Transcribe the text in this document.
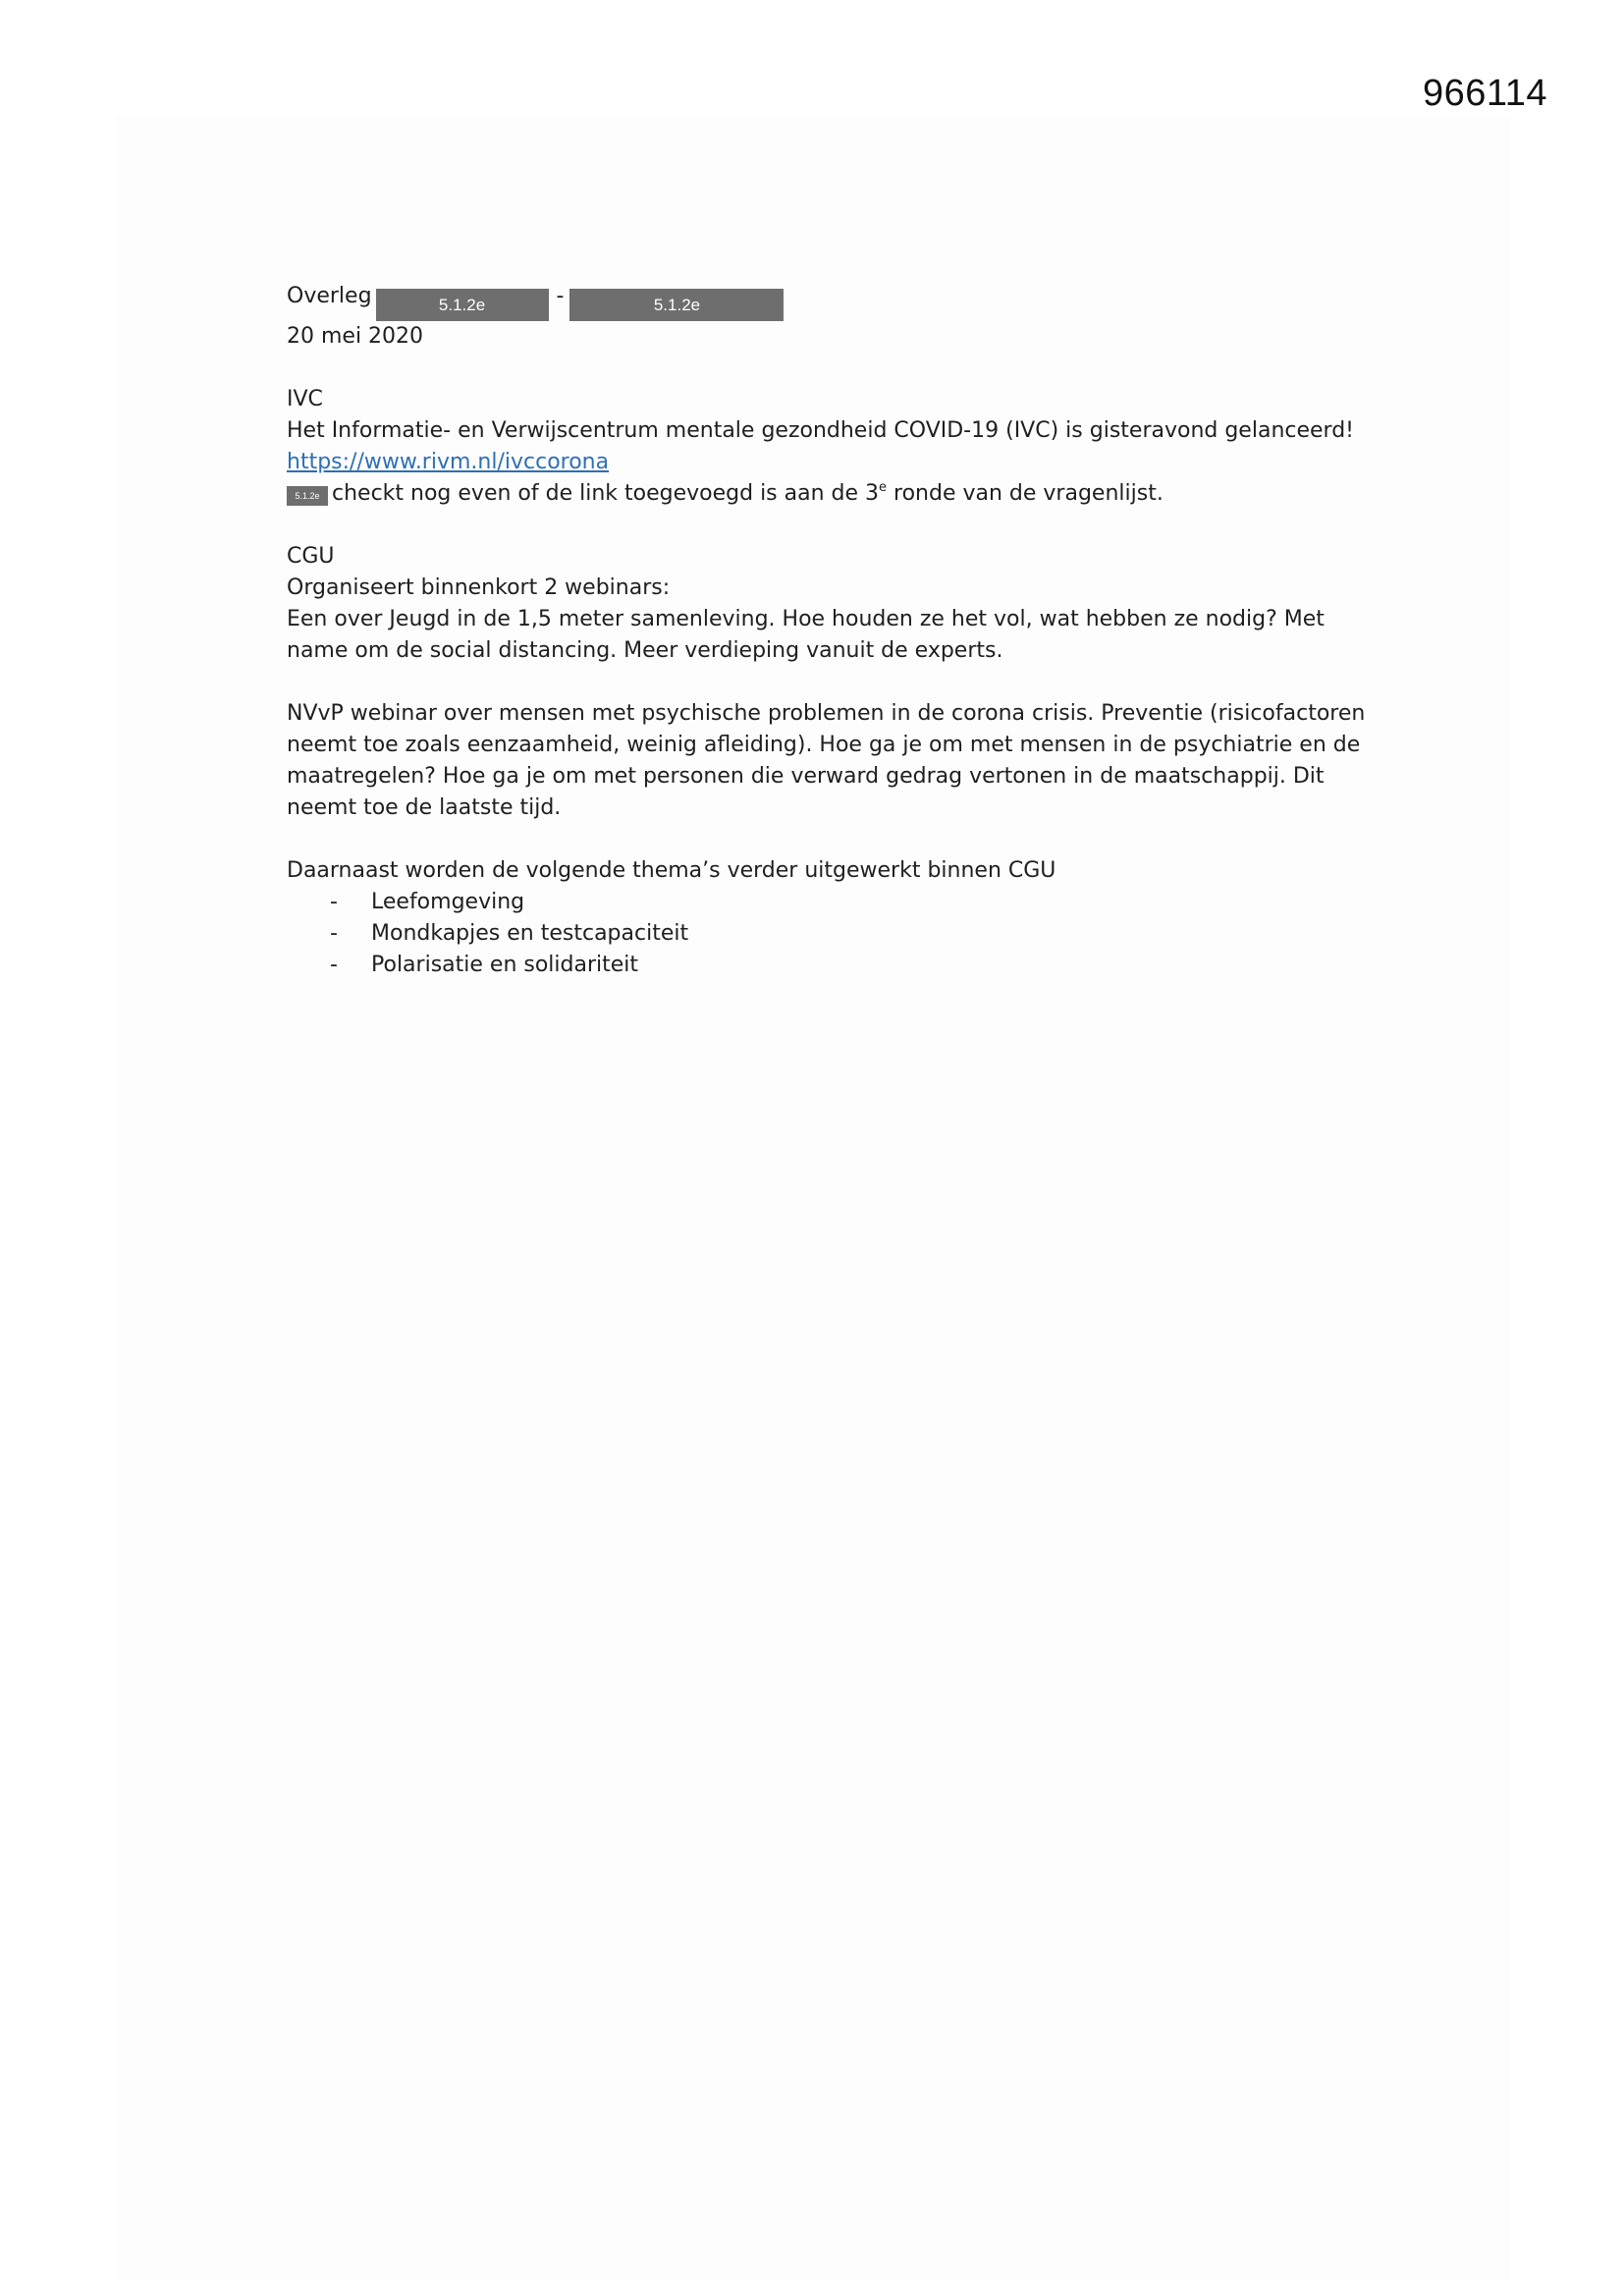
966114
Overleg	5.1.2e	-	5.1.2e
20 mei 2020
IVC
Het Informatie- en Verwijscentrum mentale gezondheid COVID-19 (IVC) is gisteravond gelanceerd!
https://www.rivm.nl/ivccorona
5.1.2e checkt nog even of de link toegevoegd is aan de 3e ronde van de vragenlijst.
CGU
Organiseert binnenkort 2 webinars:
Een over Jeugd in de 1,5 meter samenleving. Hoe houden ze het vol, wat hebben ze nodig? Met
name om de social distancing. Meer verdieping vanuit de experts.
NVvP webinar over mensen met psychische problemen in de corona crisis. Preventie (risicofactoren
neemt toe zoals eenzaamheid, weinig afleiding). Hoe ga je om met mensen in de psychiatrie en de
maatregelen? Hoe ga je om met personen die verward gedrag vertonen in de maatschappij. Dit
neemt toe de laatste tijd.
Daarnaast worden de volgende thema’s verder uitgewerkt binnen CGU
- Leefomgeving
- Mondkapjes en testcapaciteit
- Polarisatie en solidariteit
